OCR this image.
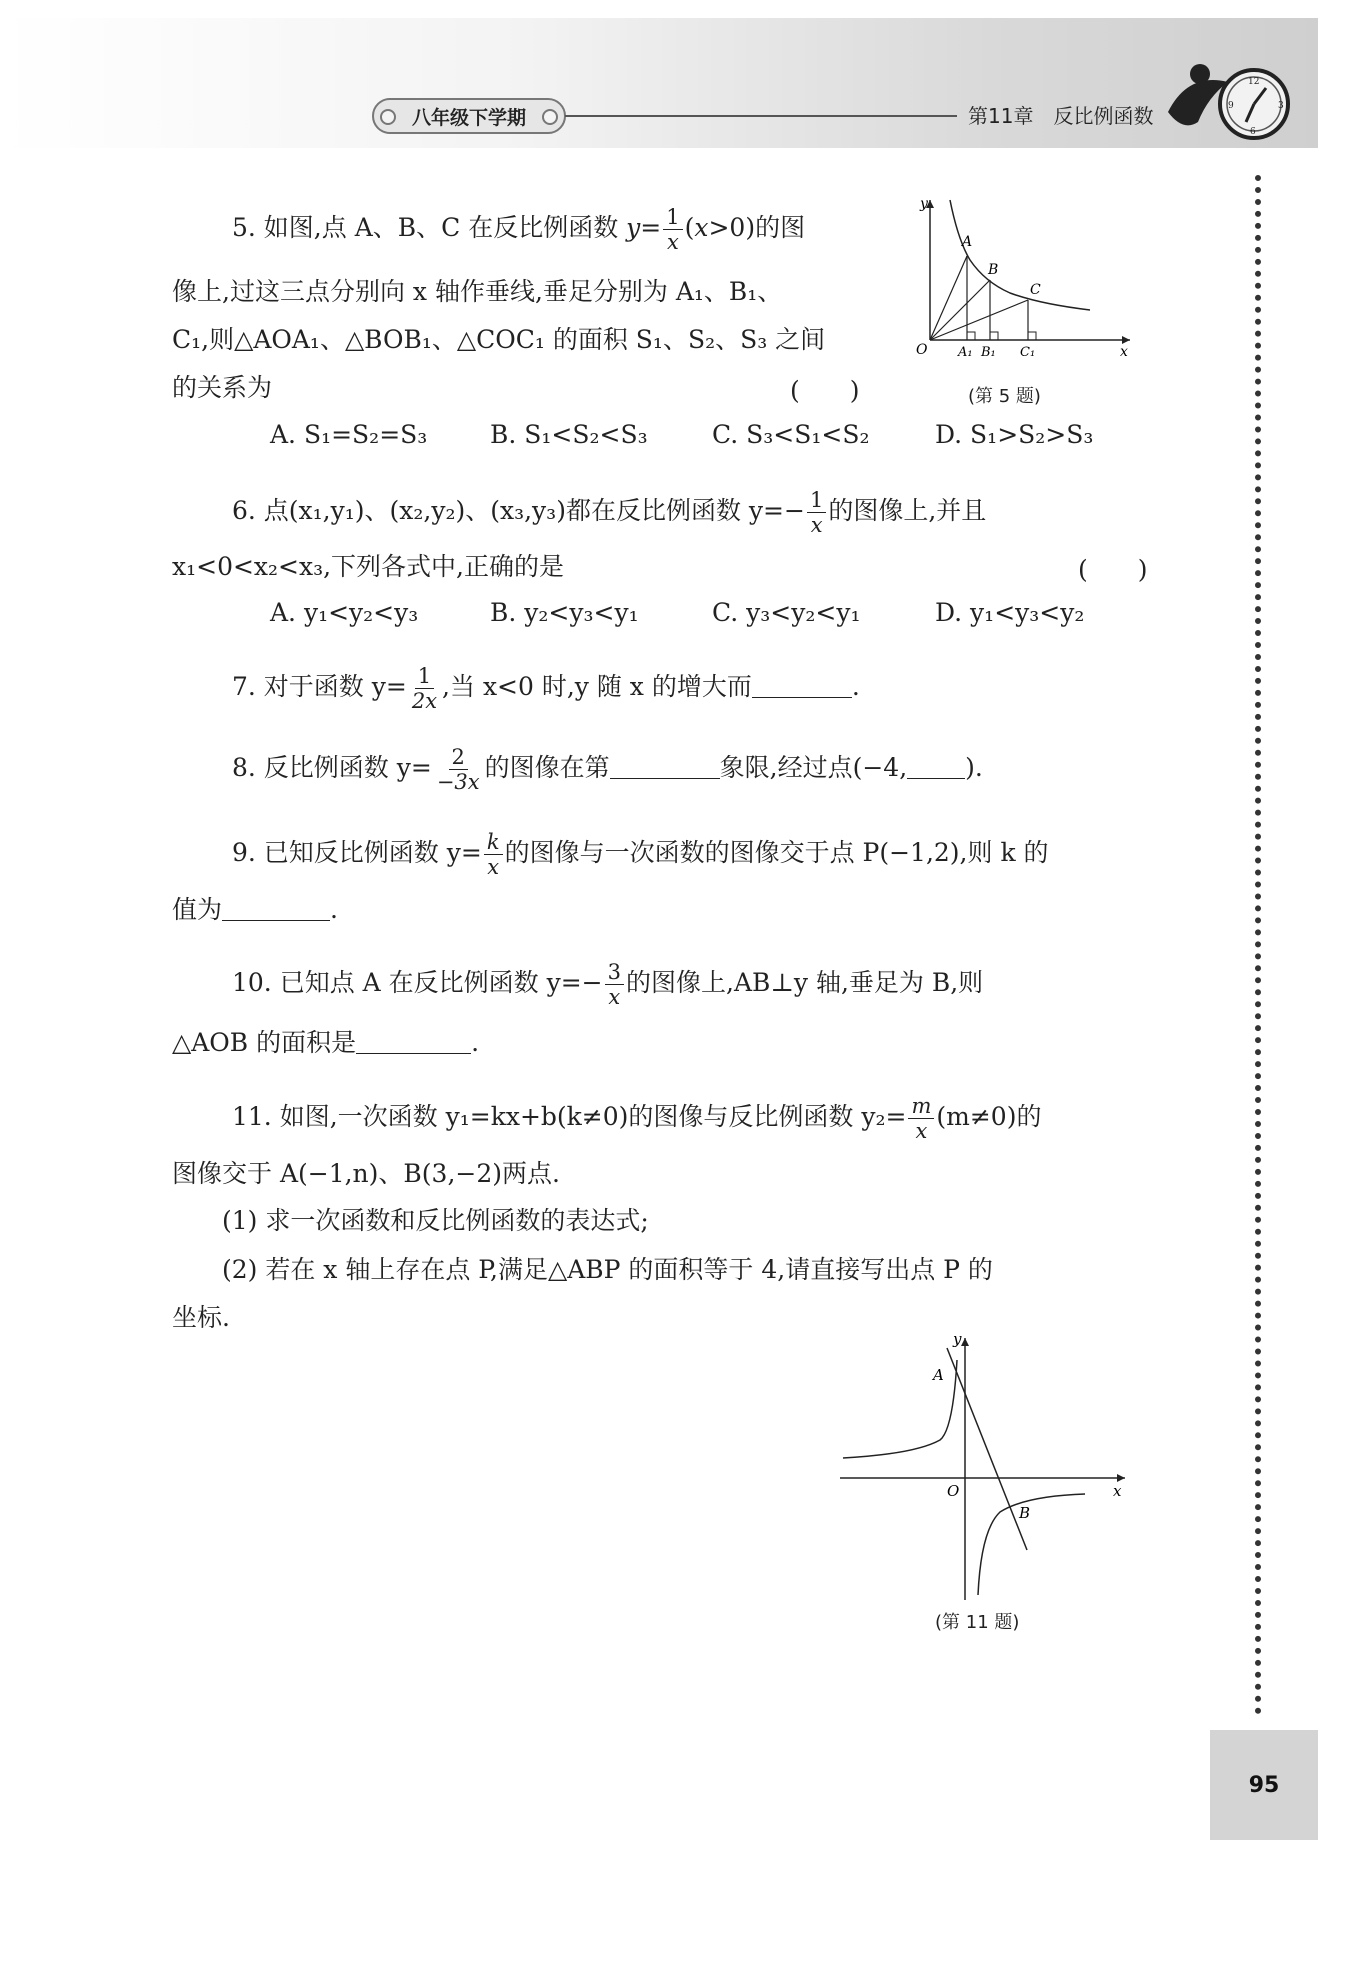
八年级下学期	第11章　反比例函数
12
3
6
9
95
5. 如图,点 A、B、C 在反比例函数 $y= \frac{1}{x} (x>0)$的图
像上,过这三点分别向 x 轴作垂线,垂足分别为 A₁、B₁、
C₁,则△AOA₁、△BOB₁、△COC₁ 的面积 S₁、S₂、S₃ 之间
的关系为	(　　)
y
x
O
A
B
C
A₁ B₁ C₁
(第 5 题)
A. S₁=S₂=S₃	B. S₁<S₂<S₃	C. S₃<S₁<S₂	D. S₁>S₂>S₃
6. 点(x₁,y₁)、(x₂,y₂)、(x₃,y₃)都在反比例函数 $y=- \frac{1}{x}$ 的图像上,并且
x₁<0<x₂<x₃,下列各式中,正确的是	(　　)
A. y₁<y₂<y₃	B. y₂<y₃<y₁	C. y₃<y₂<y₁	D. y₁<y₃<y₂
7. 对于函数 $y= \frac{1}{2x}$ ,当 x<0 时,y 随 x 的增大而	.
8. 反比例函数 $y= \frac{2}{-3x}$ 的图像在第	象限,经过点(−4, ).
9. 已知反比例函数 $y= \frac{k}{x}$ 的图像与一次函数的图像交于点 P(−1,2),则 k 的
值为	.
10. 已知点 A 在反比例函数 $y=- \frac{3}{x}$ 的图像上,AB⊥y 轴,垂足为 B,则
△AOB 的面积是	.
11. 如图,一次函数 y₁=kx+b(k≠0)的图像与反比例函数 $y_2= \frac{m}{x} (m\ne 0)$的
图像交于 A(−1,n)、B(3,−2)两点.
(1) 求一次函数和反比例函数的表达式;
(2) 若在 x 轴上存在点 P,满足△ABP 的面积等于 4,请直接写出点 P 的
坐标.
y
x
O
A
B
(第 11 题)
